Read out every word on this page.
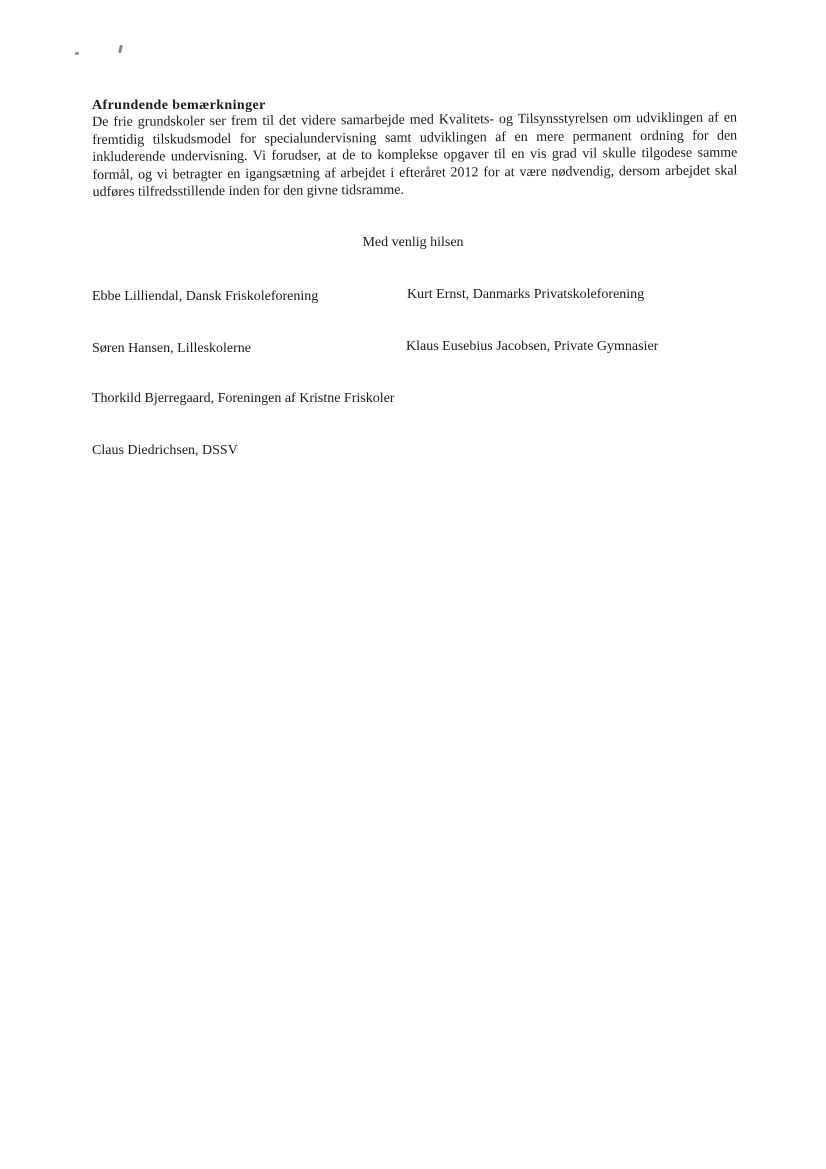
Afrundende bemærkninger

De frie grundskoler ser frem til det videre samarbejde med Kvalitets- og Tilsynsstyrelsen om udviklingen af en fremtidig tilskudsmodel for specialundervisning samt udviklingen af en mere permanent ordning for den inkluderende undervisning. Vi forudser, at de to komplekse opgaver til en vis grad vil skulle tilgodese samme formål, og vi betragter en igangsætning af arbejdet i efteråret 2012 for at være nødvendig, dersom arbejdet skal udføres tilfredsstillende inden for den givne tidsramme.

Med venlig hilsen
Ebbe Lilliendal, Dansk Friskoleforening	Kurt Ernst, Danmarks Privatskoleforening
Søren Hansen, Lilleskolerne	Klaus Eusebius Jacobsen, Private Gymnasier
Thorkild Bjerregaard, Foreningen af Kristne Friskoler
Claus Diedrichsen, DSSV
